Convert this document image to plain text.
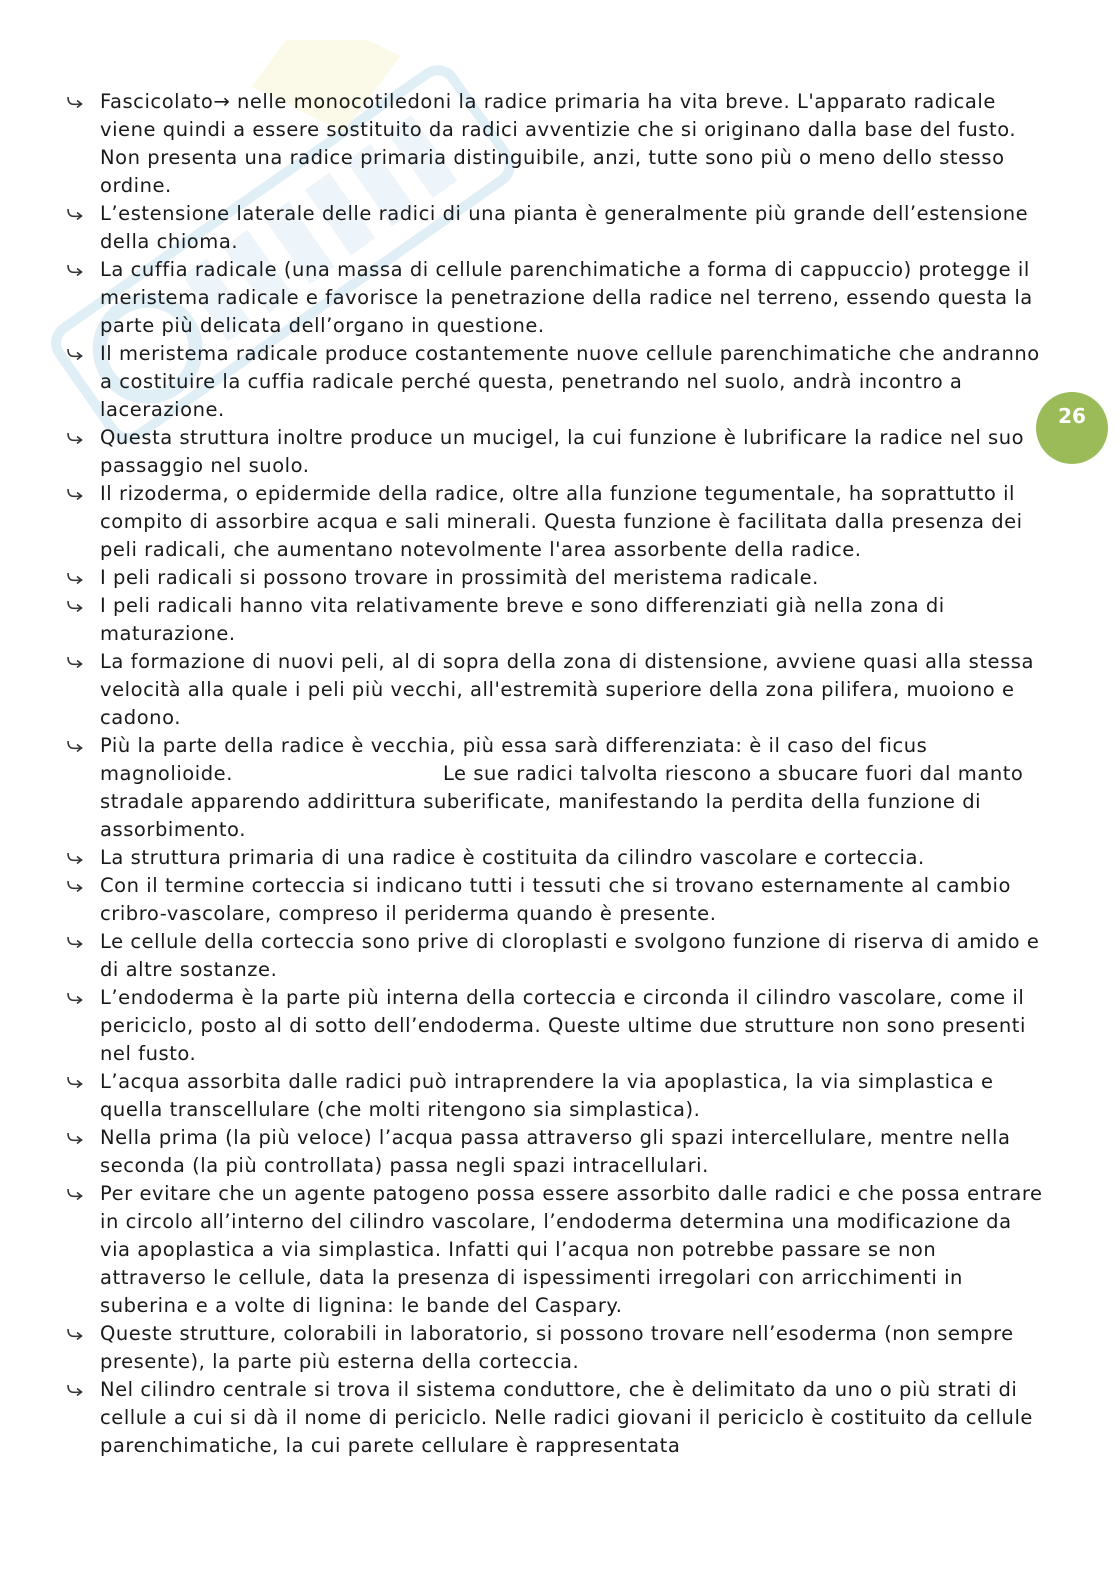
26
Fascicolato→ nelle monocotiledoni la radice primaria ha vita breve. L'apparato radicale viene quindi a essere sostituito da radici avventizie che si originano dalla base del fusto. Non presenta una radice primaria distinguibile, anzi, tutte sono più o meno dello stesso ordine.
L’estensione laterale delle radici di una pianta è generalmente più grande dell’estensione della chioma.
La cuffia radicale (una massa di cellule parenchimatiche a forma di cappuccio) protegge il meristema radicale e favorisce la penetrazione della radice nel terreno, essendo questa la parte più delicata dell’organo in questione.
Il meristema radicale produce costantemente nuove cellule parenchimatiche che andranno a costituire la cuffia radicale perché questa, penetrando nel suolo, andrà incontro a lacerazione.
Questa struttura inoltre produce un mucigel, la cui funzione è lubrificare la radice nel suo passaggio nel suolo.
Il rizoderma, o epidermide della radice, oltre alla funzione tegumentale, ha soprattutto il compito di assorbire acqua e sali minerali. Questa funzione è facilitata dalla presenza dei peli radicali, che aumentano notevolmente l'area assorbente della radice.
I peli radicali si possono trovare in prossimità del meristema radicale.
I peli radicali hanno vita relativamente breve e sono differenziati già nella zona di maturazione.
La formazione di nuovi peli, al di sopra della zona di distensione, avviene quasi alla stessa velocità alla quale i peli più vecchi, all'estremità superiore della zona pilifera, muoiono e cadono.
Più la parte della radice è vecchia, più essa sarà differenziata: è il caso del ficus magnolioide.	Le sue radici talvolta riescono a sbucare fuori dal manto stradale apparendo addirittura suberificate, manifestando la perdita della funzione di assorbimento.
La struttura primaria di una radice è costituita da cilindro vascolare e corteccia.
Con il termine corteccia si indicano tutti i tessuti che si trovano esternamente al cambio cribro-vascolare, compreso il periderma quando è presente.
Le cellule della corteccia sono prive di cloroplasti e svolgono funzione di riserva di amido e di altre sostanze.
L’endoderma è la parte più interna della corteccia e circonda il cilindro vascolare, come il periciclo, posto al di sotto dell’endoderma. Queste ultime due strutture non sono presenti nel fusto.
L’acqua assorbita dalle radici può intraprendere la via apoplastica, la via simplastica e quella transcellulare (che molti ritengono sia simplastica).
Nella prima (la più veloce) l’acqua passa attraverso gli spazi intercellulare, mentre nella seconda (la più controllata) passa negli spazi intracellulari.
Per evitare che un agente patogeno possa essere assorbito dalle radici e che possa entrare in circolo all’interno del cilindro vascolare, l’endoderma determina una modificazione da via apoplastica a via simplastica. Infatti qui l’acqua non potrebbe passare se non attraverso le cellule, data la presenza di ispessimenti irregolari con arricchimenti in suberina e a volte di lignina: le bande del Caspary.
Queste strutture, colorabili in laboratorio, si possono trovare nell’esoderma (non sempre presente), la parte più esterna della corteccia.
Nel cilindro centrale si trova il sistema conduttore, che è delimitato da uno o più strati di cellule a cui si dà il nome di periciclo. Nelle radici giovani il periciclo è costituito da cellule parenchimatiche, la cui parete cellulare è rappresentata
